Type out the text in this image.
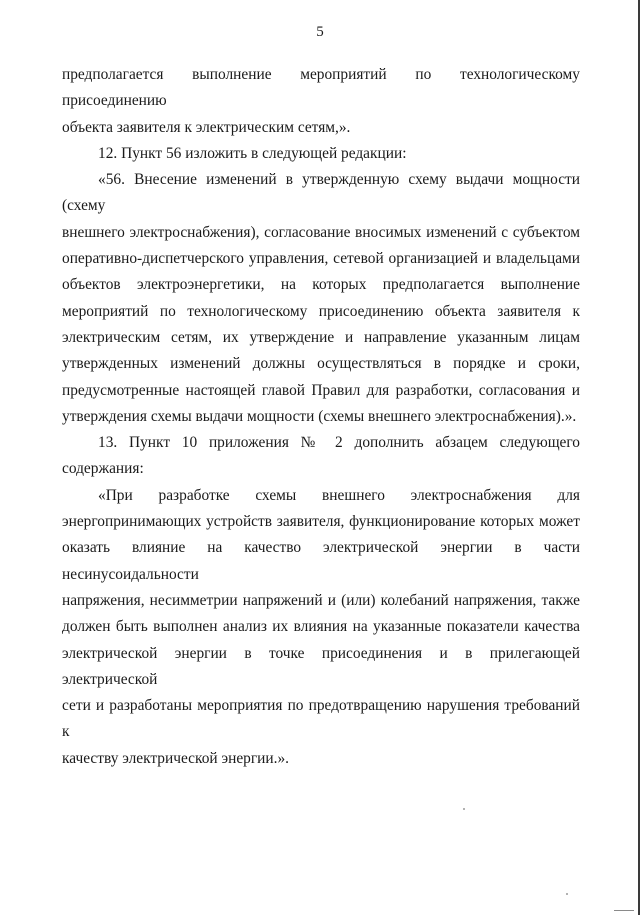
5
предполагается выполнение мероприятий по технологическому присоединению
объекта заявителя к электрическим сетям,».
12. Пункт 56 изложить в следующей редакции:
«56. Внесение изменений в утвержденную схему выдачи мощности (схему
внешнего электроснабжения), согласование вносимых изменений с субъектом
оперативно-диспетчерского управления, сетевой организацией и владельцами
объектов электроэнергетики, на которых предполагается выполнение
мероприятий по технологическому присоединению объекта заявителя к
электрическим сетям, их утверждение и направление указанным лицам
утвержденных изменений должны осуществляться в порядке и сроки,
предусмотренные настоящей главой Правил для разработки, согласования и
утверждения схемы выдачи мощности (схемы внешнего электроснабжения).».
13. Пункт 10 приложения № 2 дополнить абзацем следующего содержания:
«При разработке схемы внешнего электроснабжения для
энергопринимающих устройств заявителя, функционирование которых может
оказать влияние на качество электрической энергии в части несинусоидальности
напряжения, несимметрии напряжений и (или) колебаний напряжения, также
должен быть выполнен анализ их влияния на указанные показатели качества
электрической энергии в точке присоединения и в прилегающей электрической
сети и разработаны мероприятия по предотвращению нарушения требований к
качеству электрической энергии.».
